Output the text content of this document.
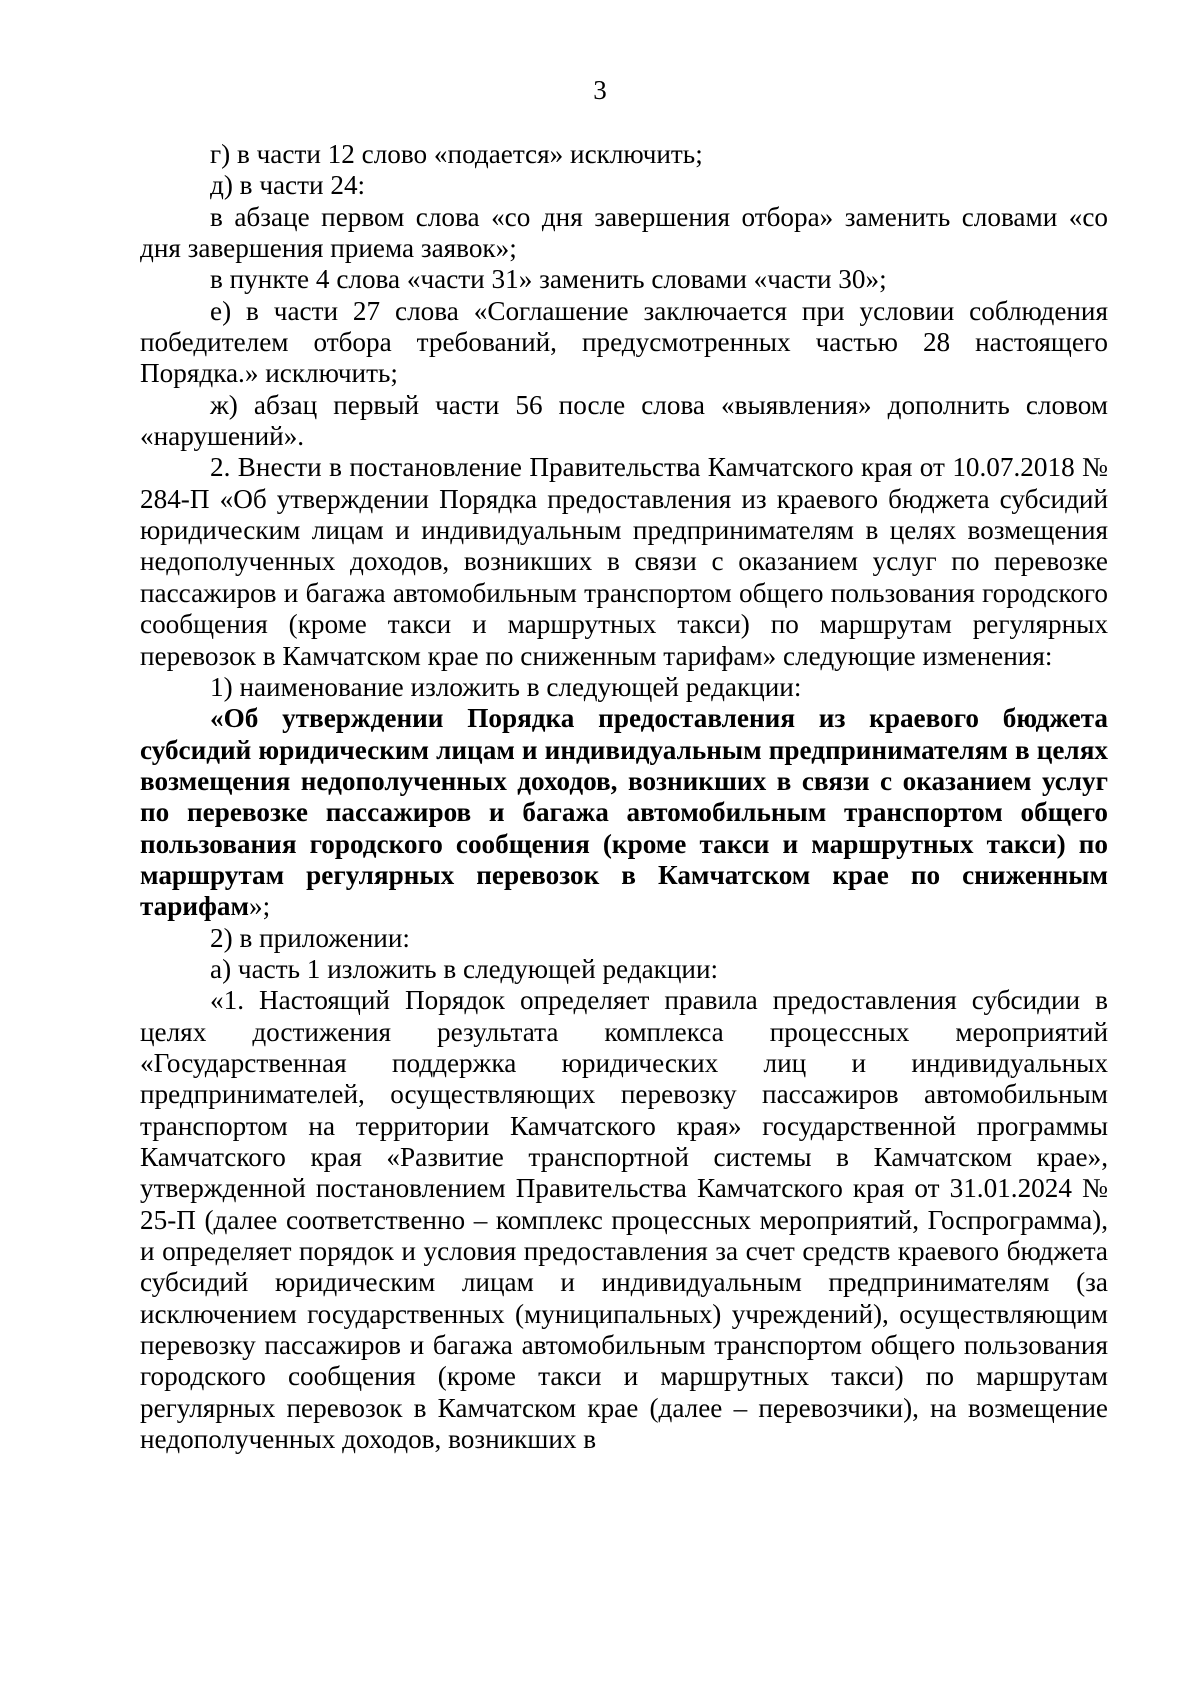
3

г) в части 12 слово «подается» исключить;

д) в части 24:

в абзаце первом слова «со дня завершения отбора» заменить словами «со дня завершения приема заявок»;

в пункте 4 слова «части 31» заменить словами «части 30»;

е) в части 27 слова «Соглашение заключается при условии соблюдения победителем отбора требований, предусмотренных частью 28 настоящего Порядка.» исключить;

ж) абзац первый части 56 после слова «выявления» дополнить словом «нарушений».

2. Внести в постановление Правительства Камчатского края от 10.07.2018 № 284-П «Об утверждении Порядка предоставления из краевого бюджета субсидий юридическим лицам и индивидуальным предпринимателям в целях возмещения недополученных доходов, возникших в связи с оказанием услуг по перевозке пассажиров и багажа автомобильным транспортом общего пользования городского сообщения (кроме такси и маршрутных такси) по маршрутам регулярных перевозок в Камчатском крае по сниженным тарифам» следующие изменения:

1) наименование изложить в следующей редакции:

«Об утверждении Порядка предоставления из краевого бюджета субсидий юридическим лицам и индивидуальным предпринимателям в целях возмещения недополученных доходов, возникших в связи с оказанием услуг по перевозке пассажиров и багажа автомобильным транспортом общего пользования городского сообщения (кроме такси и маршрутных такси) по маршрутам регулярных перевозок в Камчатском крае по сниженным тарифам»;

2) в приложении:

а) часть 1 изложить в следующей редакции:

«1. Настоящий Порядок определяет правила предоставления субсидии в целях достижения результата комплекса процессных мероприятий «Государственная поддержка юридических лиц и индивидуальных предпринимателей, осуществляющих перевозку пассажиров автомобильным транспортом на территории Камчатского края» государственной программы Камчатского края «Развитие транспортной системы в Камчатском крае», утвержденной постановлением Правительства Камчатского края от 31.01.2024 № 25-П (далее соответственно – комплекс процессных мероприятий, Госпрограмма), и определяет порядок и условия предоставления за счет средств краевого бюджета субсидий юридическим лицам и индивидуальным предпринимателям (за исключением государственных (муниципальных) учреждений), осуществляющим перевозку пассажиров и багажа автомобильным транспортом общего пользования городского сообщения (кроме такси и маршрутных такси) по маршрутам регулярных перевозок в Камчатском крае (далее – перевозчики), на возмещение недополученных доходов, возникших в
